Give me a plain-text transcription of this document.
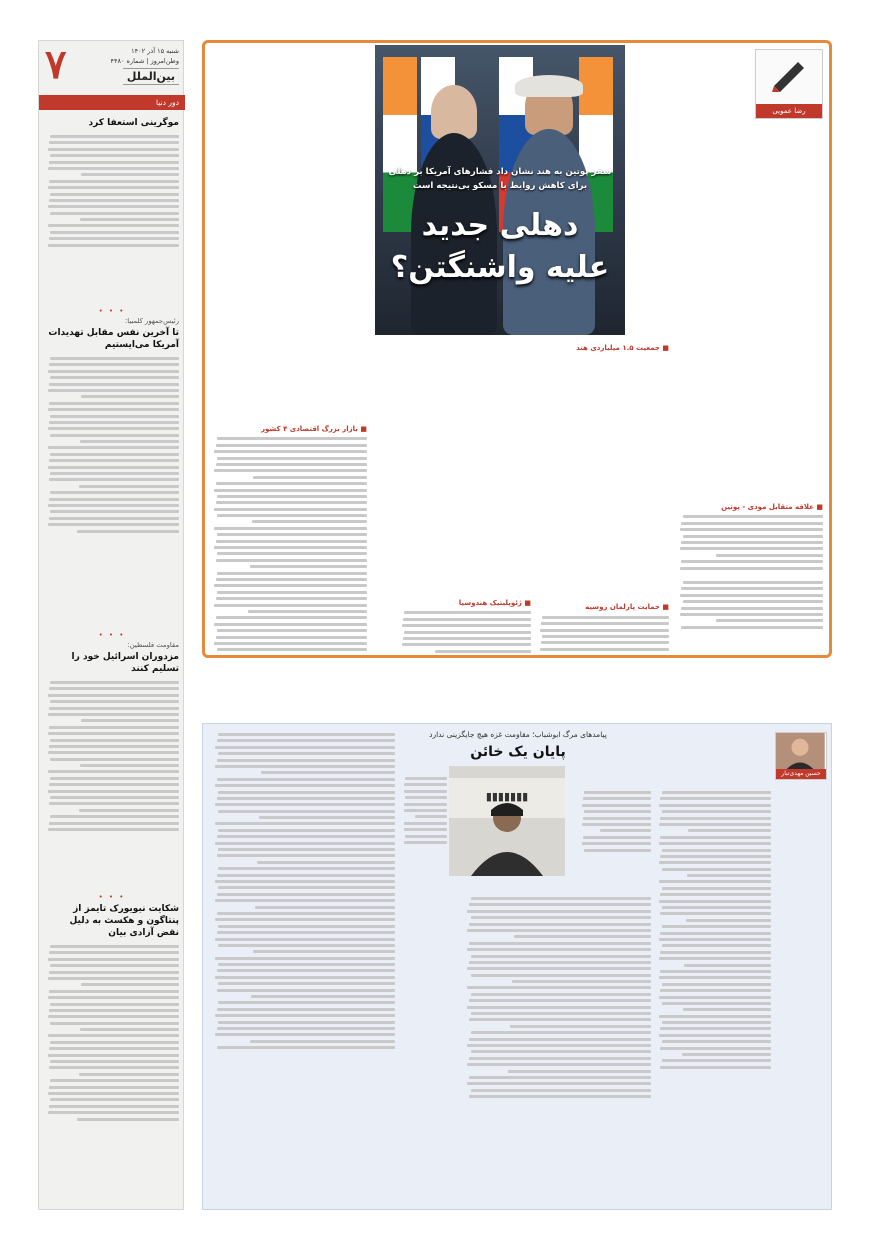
۷	شنبه ۱۵ آذر ۱۴۰۲
وطن‌امروز | شماره ۴۴۸۰
بین‌الملل
دور دنیا
موگرینی استعفا کرد
• • •
رئیس‌جمهور کلمبیا:
تا آخرین نفس مقابل تهدیدات آمریکا می‌ایستیم
• • •
مقاومت فلسطین:
مزدوران اسرائیل خود را تسلیم کنند
• • •
شکایت نیویورک تایمز از پنتاگون و هکسث به دلیل نقض آزادی بیان
رضا عمویی
■ علاقه متقابل مودی - پوتین
سفر پوتین به هند نشان داد فشارهای آمریکا بر دهلی برای کاهش روابط با مسکو بی‌نتیجه است
دهلی جدید
علیه واشنگتن؟
■ جمعیت ۱.۵ میلیاردی هند
■ حمایت پارلمان روسیه
■ ژئوپلیتیک هند‌وسیا
■ بازار بزرگ اقتصادی ۴ کشور
حسین مهدی‌تبار
پیامدهای مرگ ابوشباب؛ مقاومت غزه هیچ جایگزینی ندارد
پایان یک خائن
▮▮▮▮▮▮▮
